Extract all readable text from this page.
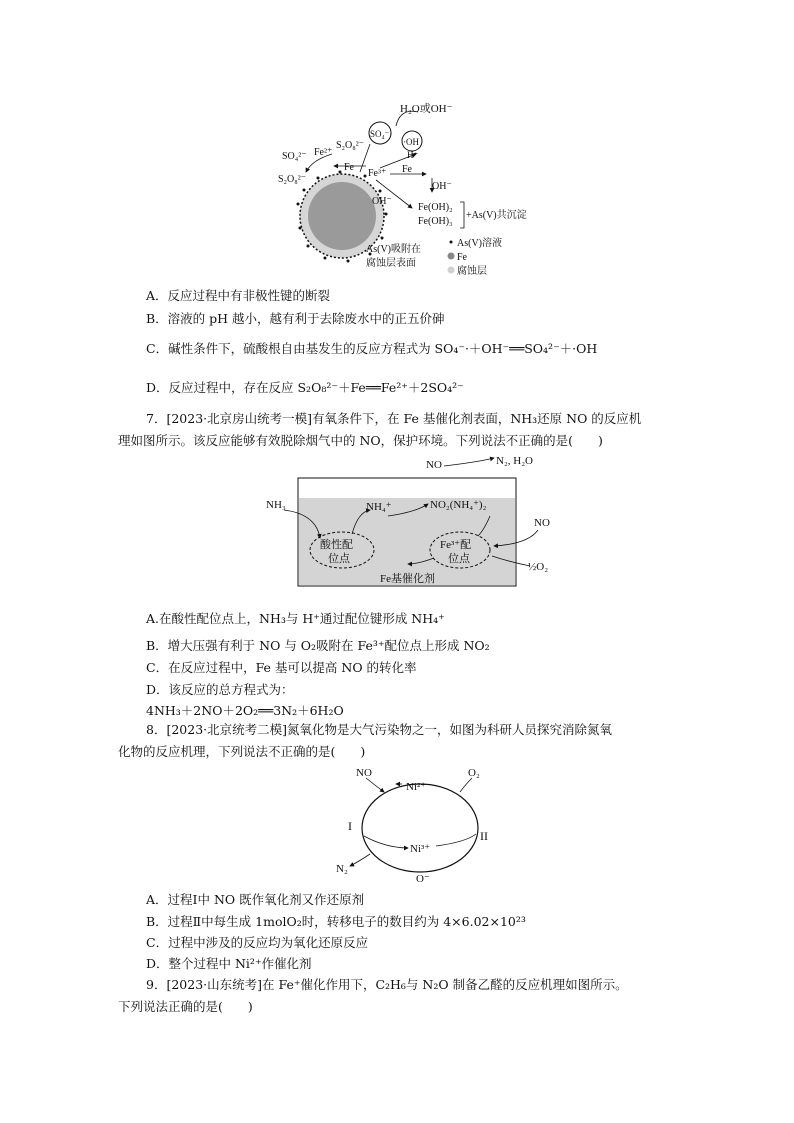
H₂O或OH⁻
SO₄⁻·
·OH
H⁺
SO₄²⁻
S₂O₈²⁻
Fe²⁺
S₂O₈²⁻
Fe
Fe³⁺ Fe
OH⁻
OH⁻
Fe(OH)₂
Fe(OH)₃
+As(V)共沉淀
As(V)吸附在
腐蚀层表面
As(V)溶液
Fe
腐蚀层
A．反应过程中有非极性键的断裂
B．溶液的 pH 越小，越有利于去除废水中的正五价砷
C．碱性条件下，硫酸根自由基发生的反应方程式为 SO₄⁻·＋OH⁻══SO₄²⁻＋·OH
D．反应过程中，存在反应 S₂O₈²⁻＋Fe══Fe²⁺＋2SO₄²⁻
7．[2023·北京房山统考一模]有氧条件下，在 Fe 基催化剂表面，NH₃还原 NO 的反应机
理如图所示。该反应能够有效脱除烟气中的 NO，保护环境。下列说法不正确的是(　　)
NO	N₂, H₂O
NH₃	NH₄⁺	NO₂(NH₄⁺)₂
NO
酸性配
位点
Fe³⁺配
位点
½O₂
Fe基催化剂
A.在酸性配位点上，NH₃与 H⁺通过配位键形成 NH₄⁺
B．增大压强有利于 NO 与 O₂吸附在 Fe³⁺配位点上形成 NO₂
C．在反应过程中，Fe 基可以提高 NO 的转化率
D．该反应的总方程式为：
4NH₃＋2NO＋2O₂══3N₂＋6H₂O
8．[2023·北京统考二模]氮氧化物是大气污染物之一，如图为科研人员探究消除氮氧
化物的反应机理，下列说法不正确的是(　　)
NO
Ni²⁺
O₂
I
II
Ni³⁺
N₂
O⁻
A．过程Ⅰ中 NO 既作氧化剂又作还原剂
B．过程Ⅱ中每生成 1molO₂时，转移电子的数目约为 4×6.02×10²³
C．过程中涉及的反应均为氧化还原反应
D．整个过程中 Ni²⁺作催化剂
9．[2023·山东统考]在 Fe⁺催化作用下，C₂H₆与 N₂O 制备乙醛的反应机理如图所示。
下列说法正确的是(　　)
